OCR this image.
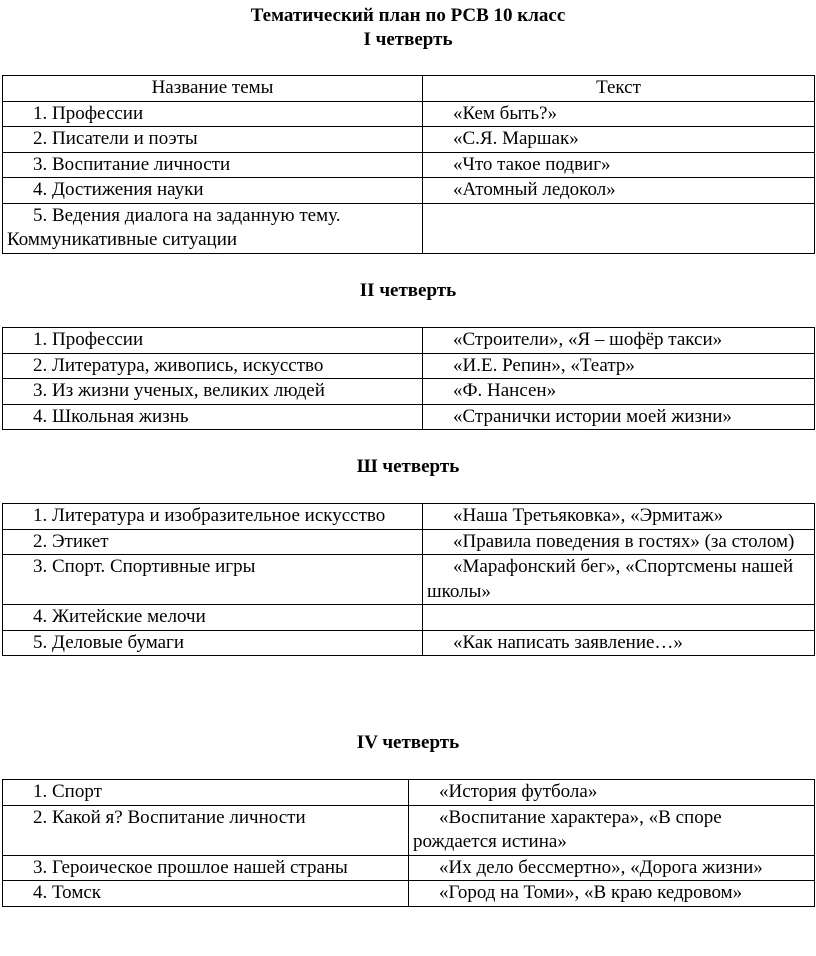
Тематический план по РСВ 10 класс
I четверть
Название темы	Текст
1. Профессии	«Кем быть?»
2. Писатели и поэты	«С.Я. Маршак»
3. Воспитание личности	«Что такое подвиг»
4. Достижения науки	«Атомный ледокол»
5. Ведения диалога на заданную тему. Коммуникативные ситуации	
II четверть
1. Профессии	«Строители», «Я – шофёр такси»
2. Литература, живопись, искусство	«И.Е. Репин», «Театр»
3. Из жизни ученых, великих людей	«Ф. Нансен»
4. Школьная жизнь	«Странички истории моей жизни»
Ш четверть
1. Литература и изобразительное искусство	«Наша Третьяковка», «Эрмитаж»
2. Этикет	«Правила поведения в гостях» (за столом)
3. Спорт. Спортивные игры	«Марафонский бег», «Спортсмены нашей школы»
4. Житейские мелочи	
5. Деловые бумаги	«Как написать заявление…»
IV четверть
1. Спорт	«История футбола»
2. Какой я? Воспитание личности	«Воспитание характера», «В споре рождается истина»
3. Героическое прошлое нашей страны	«Их дело бессмертно», «Дорога жизни»
4. Томск	«Город на Томи», «В краю кедровом»
